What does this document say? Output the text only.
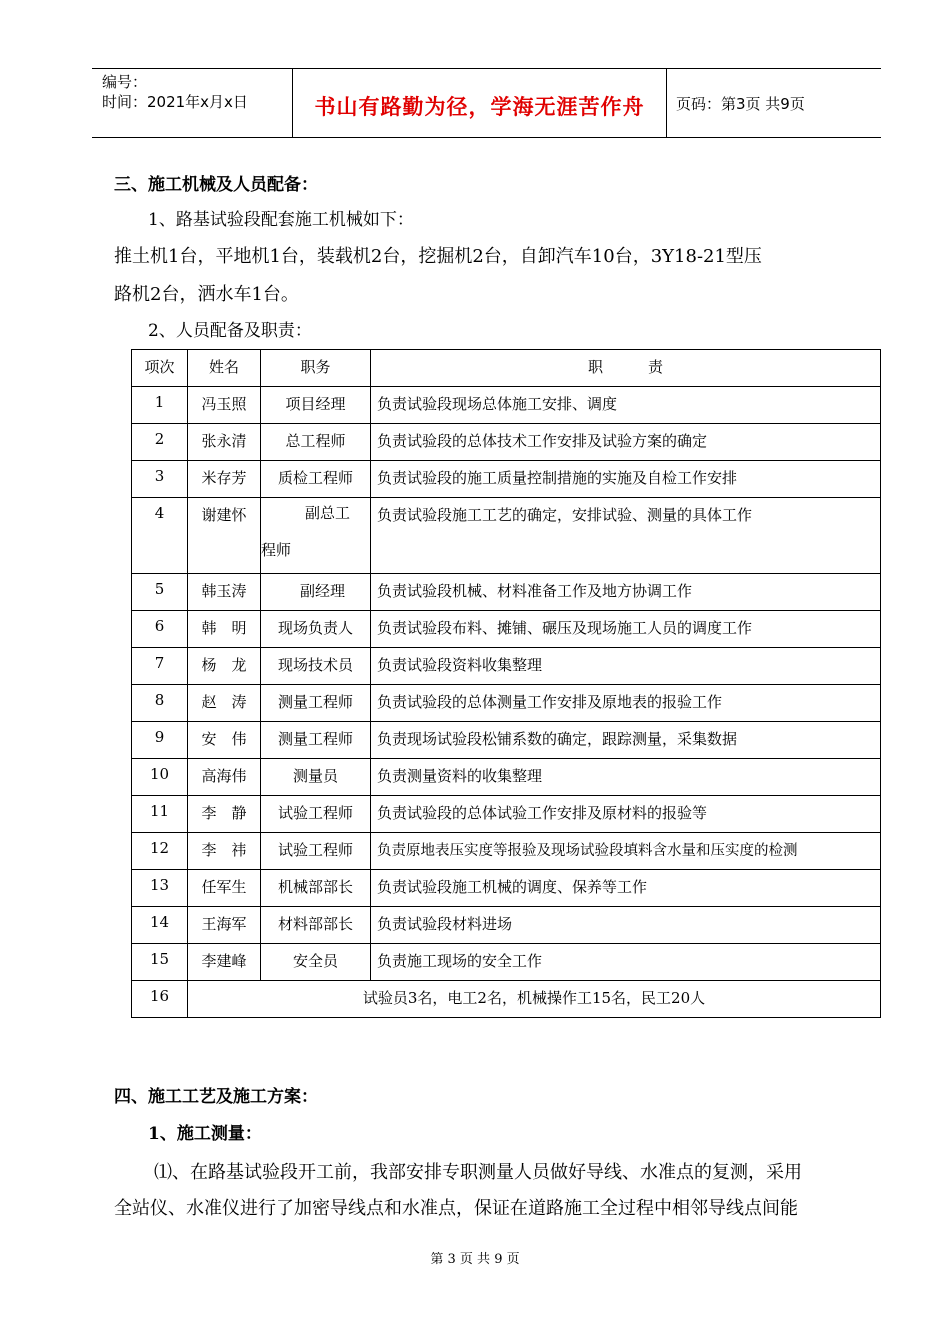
编号：
时间：2021年x月x日	书山有路勤为径，学海无涯苦作舟	页码：第3页 共9页
三、施工机械及人员配备：
1、路基试验段配套施工机械如下：
推土机1台，平地机1台，装载机2台，挖掘机2台，自卸汽车10台，3Y18-21型压
路机2台，洒水车1台。
2、人员配备及职责：
项次	姓名	职务	职　　　责
1	冯玉照	项目经理	负责试验段现场总体施工安排、调度
2	张永清	总工程师	负责试验段的总体技术工作安排及试验方案的确定
3	米存芳	质检工程师	负责试验段的施工质量控制措施的实施及自检工作安排
4	谢建怀	副总工程师	负责试验段施工工艺的确定，安排试验、测量的具体工作
5	韩玉涛	副经理	负责试验段机械、材料准备工作及地方协调工作
6	韩　明	现场负责人	负责试验段布料、摊铺、碾压及现场施工人员的调度工作
7	杨　龙	现场技术员	负责试验段资料收集整理
8	赵　涛	测量工程师	负责试验段的总体测量工作安排及原地表的报验工作
9	安　伟	测量工程师	负责现场试验段松铺系数的确定，跟踪测量，采集数据
10	高海伟	测量员	负责测量资料的收集整理
11	李　静	试验工程师	负责试验段的总体试验工作安排及原材料的报验等
12	李　祎	试验工程师	负责原地表压实度等报验及现场试验段填料含水量和压实度的检测
13	任军生	机械部部长	负责试验段施工机械的调度、保养等工作
14	王海军	材料部部长	负责试验段材料进场
15	李建峰	安全员	负责施工现场的安全工作
16	试验员3名，电工2名，机械操作工15名，民工20人		
四、施工工艺及施工方案：
1、施工测量：
⑴、在路基试验段开工前，我部安排专职测量人员做好导线、水准点的复测，采用
全站仪、水准仪进行了加密导线点和水准点，保证在道路施工全过程中相邻导线点间能
第 3 页 共 9 页
